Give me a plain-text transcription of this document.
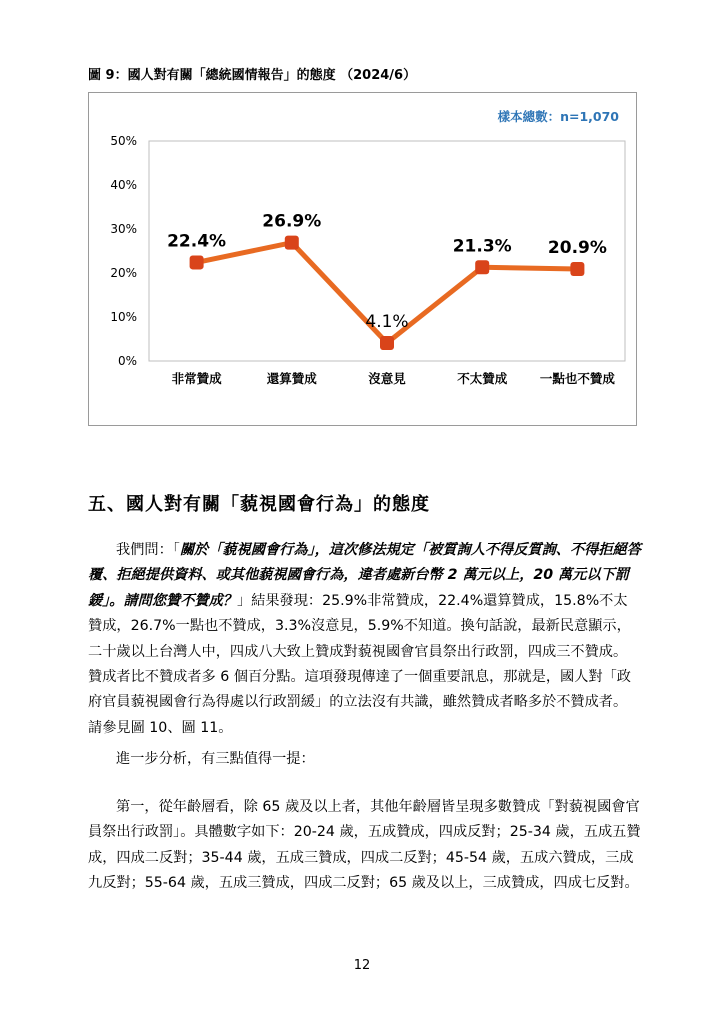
圖 9：國人對有關「總統國情報告」的態度 （2024/6）
0%
10%
20%
30%
40%
50%
非常贊成	還算贊成	沒意見	不太贊成	一點也不贊成
22.4%
26.9%
4.1%
21.3% 20.9%
樣本總數：n=1,070
五、國人對有關「藐視國會行為」的態度

我們問：「關於「藐視國會行為」，這次修法規定「被質詢人不得反質詢、不得拒絕答覆、拒絕提供資料、或其他藐視國會行為，違者處新台幣 2 萬元以上，20 萬元以下罰鍰」。請問您贊不贊成？」結果發現：25.9%非常贊成，22.4%還算贊成，15.8%不太贊成，26.7%一點也不贊成，3.3%沒意見，5.9%不知道。換句話說，最新民意顯示，二十歲以上台灣人中，四成八大致上贊成對藐視國會官員祭出行政罰，四成三不贊成。贊成者比不贊成者多 6 個百分點。這項發現傳達了一個重要訊息，那就是，國人對「政府官員藐視國會行為得處以行政罰緩」的立法沒有共識，雖然贊成者略多於不贊成者。請參見圖 10、圖 11。

進一步分析，有三點值得一提：

第一，從年齡層看，除 65 歲及以上者，其他年齡層皆呈現多數贊成「對藐視國會官員祭出行政罰」。具體數字如下：20-24 歲，五成贊成，四成反對；25-34 歲，五成五贊成，四成二反對；35-44 歲，五成三贊成，四成二反對；45-54 歲，五成六贊成，三成九反對；55-64 歲，五成三贊成，四成二反對；65 歲及以上，三成贊成，四成七反對。

12
